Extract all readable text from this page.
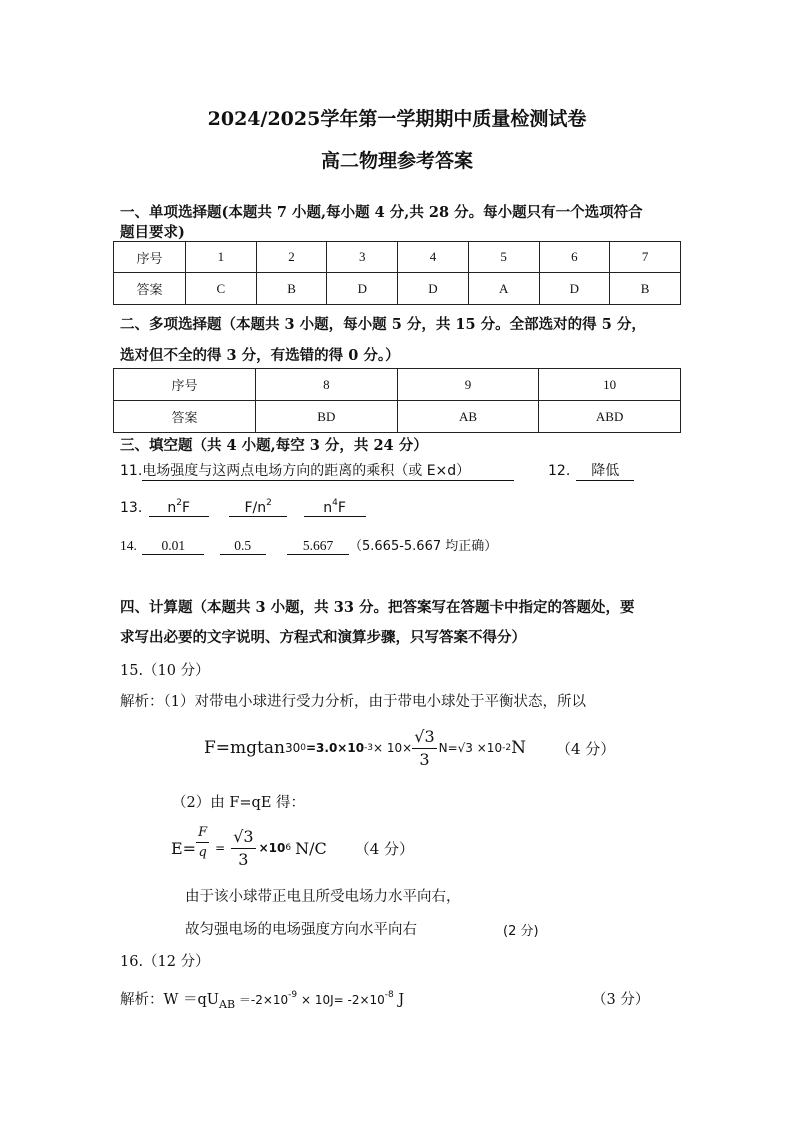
2024/2025学年第一学期期中质量检测试卷
高二物理参考答案
一、单项选择题(本题共 7 小题,每小题 4 分,共 28 分。每小题只有一个选项符合
题目要求)
序号	1	2	3	4	5	6	7
答案	C	B	D	D	A	D	B
二、多项选择题（本题共 3 小题，每小题 5 分，共 15 分。全部选对的得 5 分，
选对但不全的得 3 分，有选错的得 0 分。）
序号	8	9	10
答案	BD	AB	ABD
三、填空题（共 4 小题,每空 3 分，共 24 分）
11.电场强度与这两点电场方向的距离的乘积（或 E×d）	12. 降低
13. $n^2F$	$F/n^2$	$n^4F$
14. 0.01	0.5	5.667 （5.665-5.667 均正确）
四、计算题（本题共 3 小题，共 33 分。把答案写在答题卡中指定的答题处，要
求写出必要的文字说明、方程式和演算步骤，只写答案不得分）
15.（10 分）
解析：（1）对带电小球进行受力分析，由于带电小球处于平衡状态，所以
F=mgtan 30 0 =3.0×10 $-3 \times 10\times \frac{√3}{3} N=√3 \times 10$ -2 N （4 分）
（2）由 F=qE 得：
$E= \frac{F}{q} = \frac{√3}{3} \times 10$ 6 N/C （4 分）
由于该小球带正电且所受电场力水平向右，
故匀强电场的电场强度方向水平向右	(2 分)
16.（12 分）
解析：$W =qU_{AB} =-2\times 10^{-9} \times 10J= -2\times 10^{-8}$ J	（3 分）
